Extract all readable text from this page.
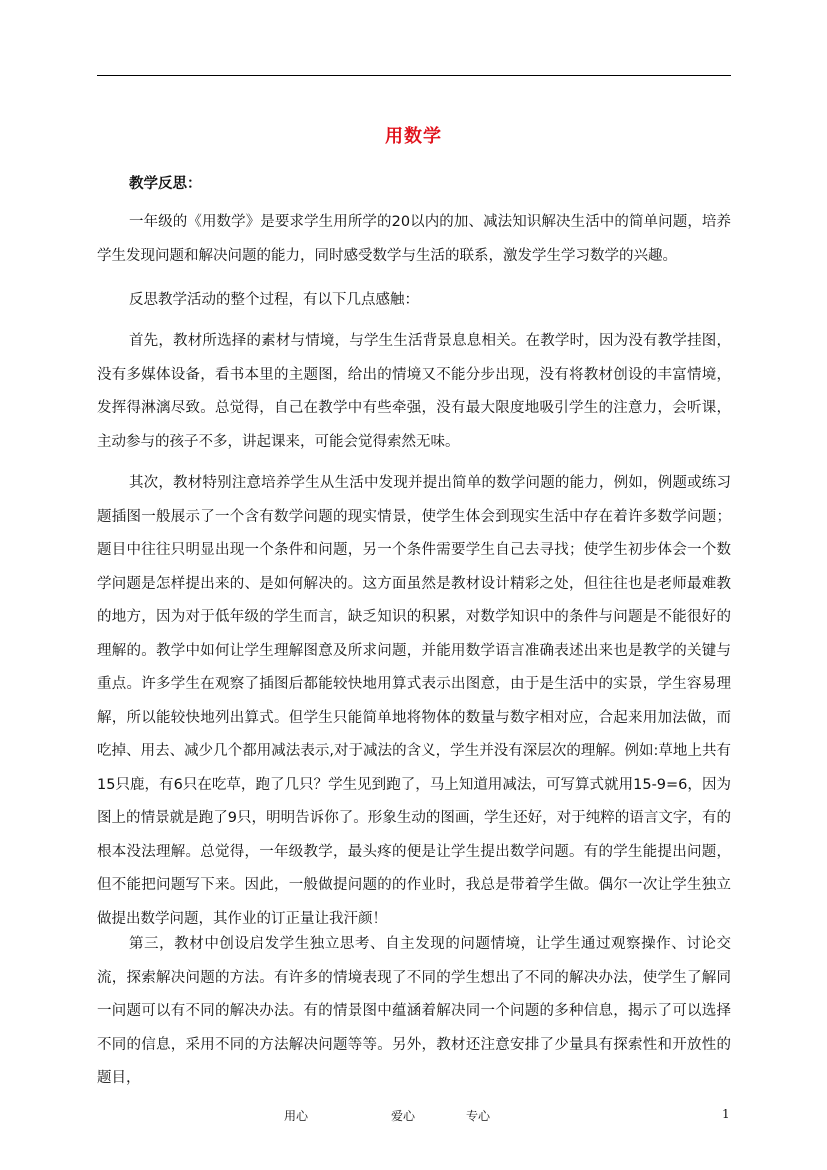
用数学
教学反思：

一年级的《用数学》是要求学生用所学的20以内的加、减法知识解决生活中的简单问题，培养学生发现问题和解决问题的能力，同时感受数学与生活的联系，激发学生学习数学的兴趣。

反思教学活动的整个过程，有以下几点感触：

首先，教材所选择的素材与情境，与学生生活背景息息相关。在教学时，因为没有教学挂图，没有多媒体设备，看书本里的主题图，给出的情境又不能分步出现，没有将教材创设的丰富情境，发挥得淋漓尽致。总觉得，自己在教学中有些牵强，没有最大限度地吸引学生的注意力，会听课，主动参与的孩子不多，讲起课来，可能会觉得索然无味。

其次，教材特别注意培养学生从生活中发现并提出简单的数学问题的能力，例如，例题或练习题插图一般展示了一个含有数学问题的现实情景，使学生体会到现实生活中存在着许多数学问题；题目中往往只明显出现一个条件和问题，另一个条件需要学生自己去寻找；使学生初步体会一个数学问题是怎样提出来的、是如何解决的。这方面虽然是教材设计精彩之处，但往往也是老师最难教的地方，因为对于低年级的学生而言，缺乏知识的积累，对数学知识中的条件与问题是不能很好的理解的。教学中如何让学生理解图意及所求问题，并能用数学语言准确表述出来也是教学的关键与重点。许多学生在观察了插图后都能较快地用算式表示出图意，由于是生活中的实景，学生容易理解，所以能较快地列出算式。但学生只能简单地将物体的数量与数字相对应，合起来用加法做，而吃掉、用去、减少几个都用减法表示,对于减法的含义，学生并没有深层次的理解。例如:草地上共有15只鹿，有6只在吃草，跑了几只？学生见到跑了，马上知道用减法，可写算式就用15-9=6，因为图上的情景就是跑了9只，明明告诉你了。形象生动的图画，学生还好，对于纯粹的语言文字，有的根本没法理解。总觉得，一年级教学，最头疼的便是让学生提出数学问题。有的学生能提出问题，但不能把问题写下来。因此，一般做提问题的的作业时，我总是带着学生做。偶尔一次让学生独立做提出数学问题，其作业的订正量让我汗颜！

第三，教材中创设启发学生独立思考、自主发现的问题情境，让学生通过观察操作、讨论交流，探索解决问题的方法。有许多的情境表现了不同的学生想出了不同的解决办法，使学生了解同一问题可以有不同的解决办法。有的情景图中蕴涵着解决同一个问题的多种信息，揭示了可以选择不同的信息，采用不同的方法解决问题等等。另外，教材还注意安排了少量具有探索性和开放性的题目，

用心	爱心	专心	1
